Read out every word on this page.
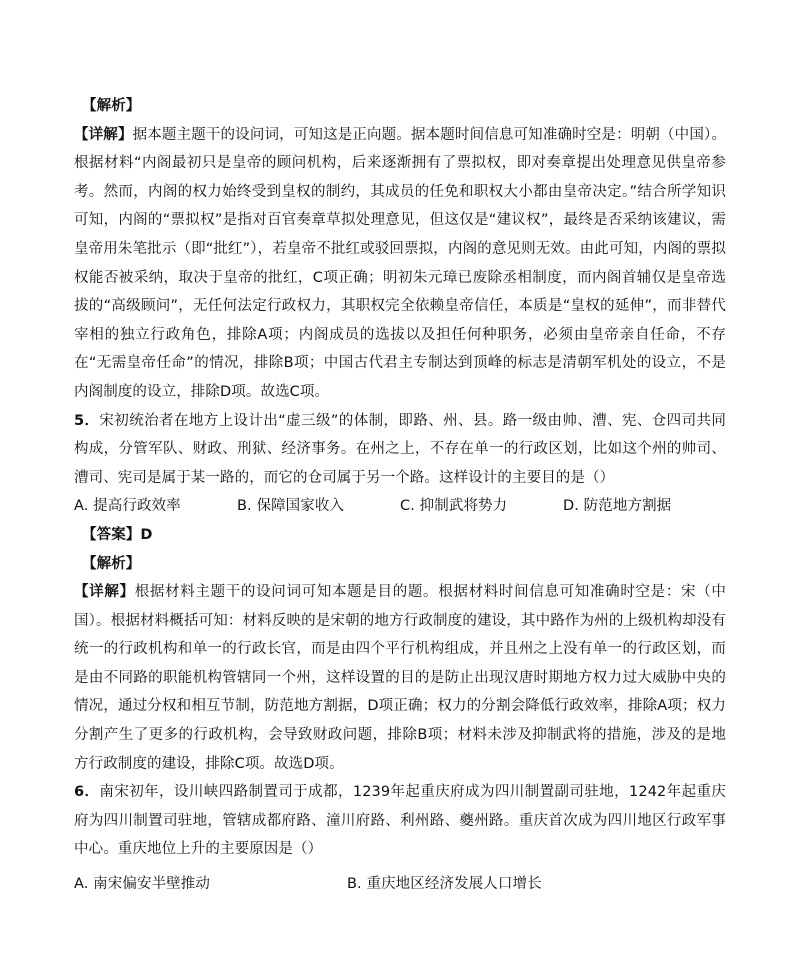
【解析】

【详解】据本题主题干的设问词，可知这是正向题。据本题时间信息可知准确时空是：明朝（中国）。根据材料“内阁最初只是皇帝的顾问机构，后来逐渐拥有了票拟权，即对奏章提出处理意见供皇帝参考。然而，内阁的权力始终受到皇权的制约，其成员的任免和职权大小都由皇帝决定。”结合所学知识可知，内阁的“票拟权”是指对百官奏章草拟处理意见，但这仅是“建议权”，最终是否采纳该建议，需皇帝用朱笔批示（即“批红”），若皇帝不批红或驳回票拟，内阁的意见则无效。由此可知，内阁的票拟权能否被采纳，取决于皇帝的批红，C项正确；明初朱元璋已废除丞相制度，而内阁首辅仅是皇帝选拔的“高级顾问”，无任何法定行政权力，其职权完全依赖皇帝信任，本质是“皇权的延伸”，而非替代宰相的独立行政角色，排除A项；内阁成员的选拔以及担任何种职务，必须由皇帝亲自任命，不存在“无需皇帝任命”的情况，排除B项；中国古代君主专制达到顶峰的标志是清朝军机处的设立，不是内阁制度的设立，排除D项。故选C项。

5．宋初统治者在地方上设计出“虚三级”的体制，即路、州、县。路一级由帅、漕、宪、仓四司共同构成，分管军队、财政、刑狱、经济事务。在州之上，不存在单一的行政区划，比如这个州的帅司、漕司、宪司是属于某一路的，而它的仓司属于另一个路。这样设计的主要目的是（）

A. 提高行政效率	B. 保障国家收入	C. 抑制武将势力	D. 防范地方割据

【答案】D

【解析】

【详解】根据材料主题干的设问词可知本题是目的题。根据材料时间信息可知准确时空是：宋（中国）。根据材料概括可知：材料反映的是宋朝的地方行政制度的建设，其中路作为州的上级机构却没有统一的行政机构和单一的行政长官，而是由四个平行机构组成，并且州之上没有单一的行政区划，而是由不同路的职能机构管辖同一个州，这样设置的目的是防止出现汉唐时期地方权力过大威胁中央的情况，通过分权和相互节制，防范地方割据，D项正确；权力的分割会降低行政效率，排除A项；权力分割产生了更多的行政机构，会导致财政问题，排除B项；材料未涉及抑制武将的措施，涉及的是地方行政制度的建设，排除C项。故选D项。

6．南宋初年，设川峡四路制置司于成都，1239年起重庆府成为四川制置副司驻地，1242年起重庆府为四川制置司驻地，管辖成都府路、潼川府路、利州路、夔州路。重庆首次成为四川地区行政军事中心。重庆地位上升的主要原因是（）

A. 南宋偏安半壁推动	B. 重庆地区经济发展人口增长
